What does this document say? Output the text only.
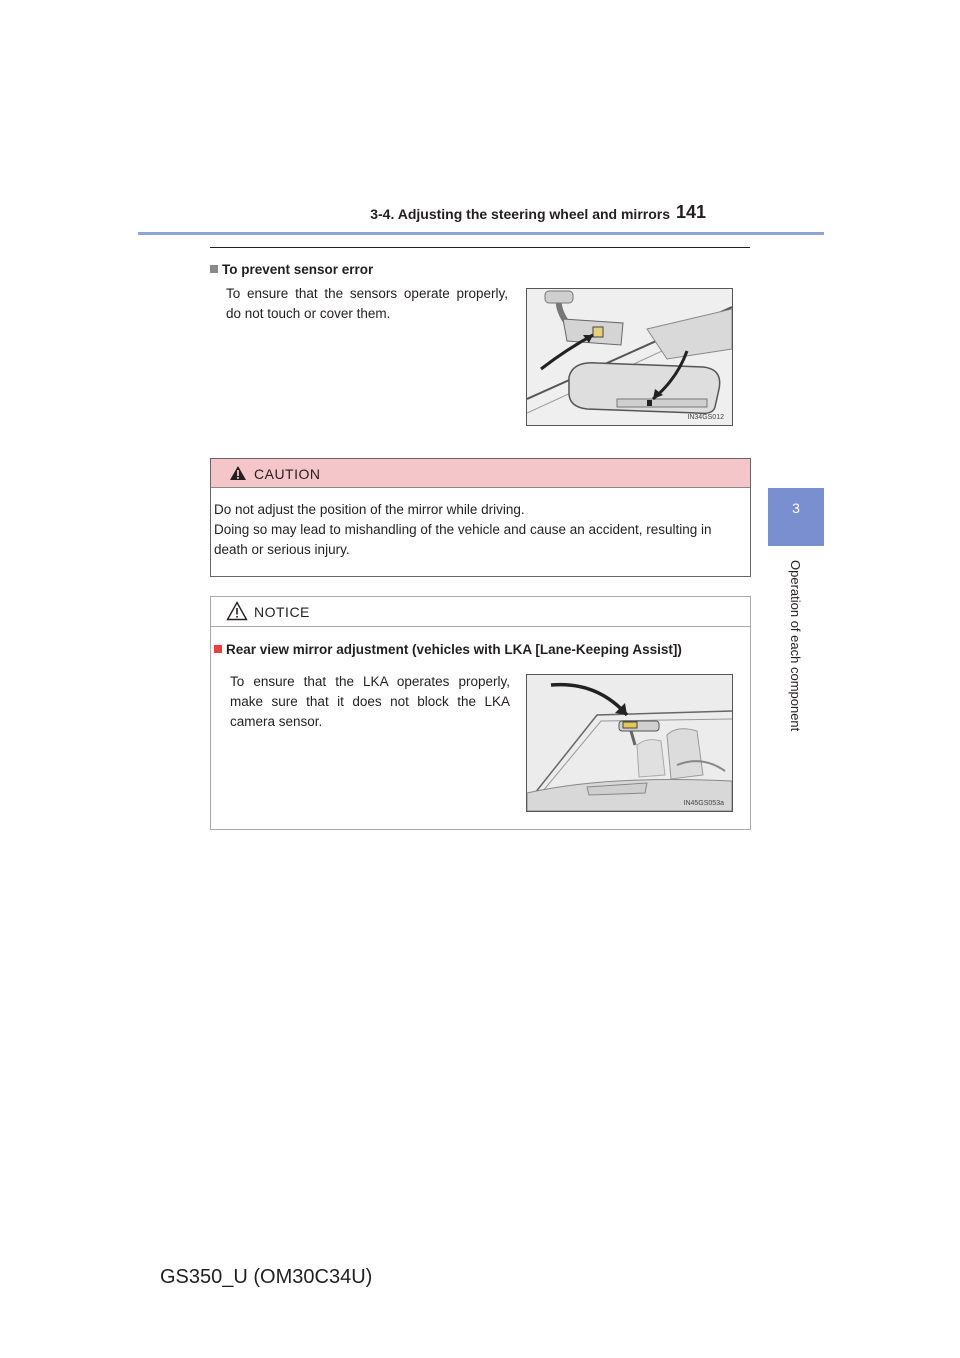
3-4. Adjusting the steering wheel and mirrors 141
3
Operation of each component
To prevent sensor error
To ensure that the sensors operate properly, do not touch or cover them.
IN34GS012
CAUTION
Do not adjust the position of the mirror while driving.
Doing so may lead to mishandling of the vehicle and cause an accident, resulting in death or serious injury.
NOTICE
Rear view mirror adjustment (vehicles with LKA [Lane-Keeping Assist])
To ensure that the LKA operates properly, make sure that it does not block the LKA camera sensor.
IN45GS053a
GS350_U (OM30C34U)
